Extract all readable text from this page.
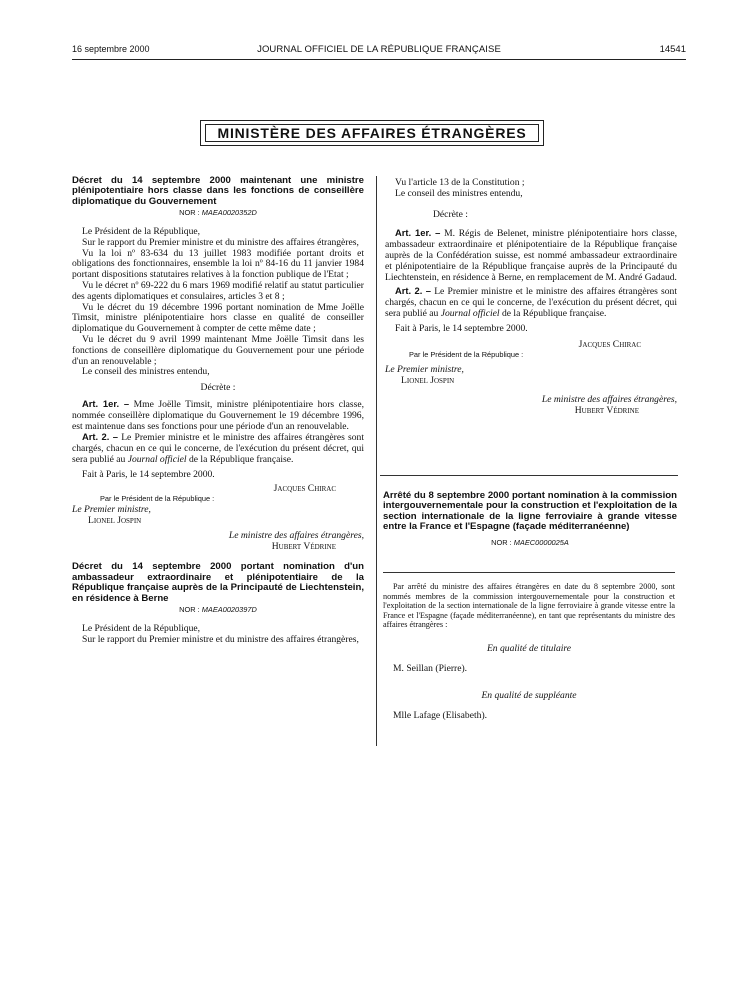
16 septembre 2000	JOURNAL OFFICIEL DE LA RÉPUBLIQUE FRANÇAISE	14541
MINISTÈRE DES AFFAIRES ÉTRANGÈRES

Décret du 14 septembre 2000 maintenant une ministre plénipotentiaire hors classe dans les fonctions de conseillère diplomatique du Gouvernement

NOR : MAEA0020352D

Le Président de la République,

Sur le rapport du Premier ministre et du ministre des affaires étrangères,

Vu la loi nº 83-634 du 13 juillet 1983 modifiée portant droits et obligations des fonctionnaires, ensemble la loi nº 84-16 du 11 janvier 1984 portant dispositions statutaires relatives à la fonction publique de l'Etat ;

Vu le décret nº 69-222 du 6 mars 1969 modifié relatif au statut particulier des agents diplomatiques et consulaires, articles 3 et 8 ;

Vu le décret du 19 décembre 1996 portant nomination de Mme Joëlle Timsit, ministre plénipotentiaire hors classe en qualité de conseiller diplomatique du Gouvernement à compter de cette même date ;

Vu le décret du 9 avril 1999 maintenant Mme Joëlle Timsit dans les fonctions de conseillère diplomatique du Gouvernement pour une période d'un an renouvelable ;

Le conseil des ministres entendu,

Décrète :

Art. 1er. – Mme Joëlle Timsit, ministre plénipotentiaire hors classe, nommée conseillère diplomatique du Gouvernement le 19 décembre 1996, est maintenue dans ses fonctions pour une période d'un an renouvelable.

Art. 2. – Le Premier ministre et le ministre des affaires étrangères sont chargés, chacun en ce qui le concerne, de l'exécution du présent décret, qui sera publié au Journal officiel de la République française.

Fait à Paris, le 14 septembre 2000.

Jacques Chirac

Par le Président de la République :

Le Premier ministre,

Lionel Jospin

Le ministre des affaires étrangères,

Hubert Védrine

Décret du 14 septembre 2000 portant nomination d'un ambassadeur extraordinaire et plénipotentiaire de la République française auprès de la Principauté de Liechtenstein, en résidence à Berne

NOR : MAEA0020397D

Le Président de la République,

Sur le rapport du Premier ministre et du ministre des affaires étrangères,

Vu l'article 13 de la Constitution ;

Le conseil des ministres entendu,

Décrète :

Art. 1er. – M. Régis de Belenet, ministre plénipotentiaire hors classe, ambassadeur extraordinaire et plénipotentiaire de la République française auprès de la Confédération suisse, est nommé ambassadeur extraordinaire et plénipotentiaire de la République française auprès de la Principauté du Liechtenstein, en résidence à Berne, en remplacement de M. André Gadaud.

Art. 2. – Le Premier ministre et le ministre des affaires étrangères sont chargés, chacun en ce qui le concerne, de l'exécution du présent décret, qui sera publié au Journal officiel de la République française.

Fait à Paris, le 14 septembre 2000.

Jacques Chirac

Par le Président de la République :

Le Premier ministre,

Lionel Jospin

Le ministre des affaires étrangères,

Hubert Védrine

Arrêté du 8 septembre 2000 portant nomination à la commission intergouvernementale pour la construction et l'exploitation de la section internationale de la ligne ferroviaire à grande vitesse entre la France et l'Espagne (façade méditerranéenne)

NOR : MAEC0000025A

Par arrêté du ministre des affaires étrangères en date du 8 septembre 2000, sont nommés membres de la commission intergouvernementale pour la construction et l'exploitation de la section internationale de la ligne ferroviaire à grande vitesse entre la France et l'Espagne (façade méditerranéenne), en tant que représentants du ministre des affaires étrangères :

En qualité de titulaire

M. Seillan (Pierre).

En qualité de suppléante

Mlle Lafage (Elisabeth).
